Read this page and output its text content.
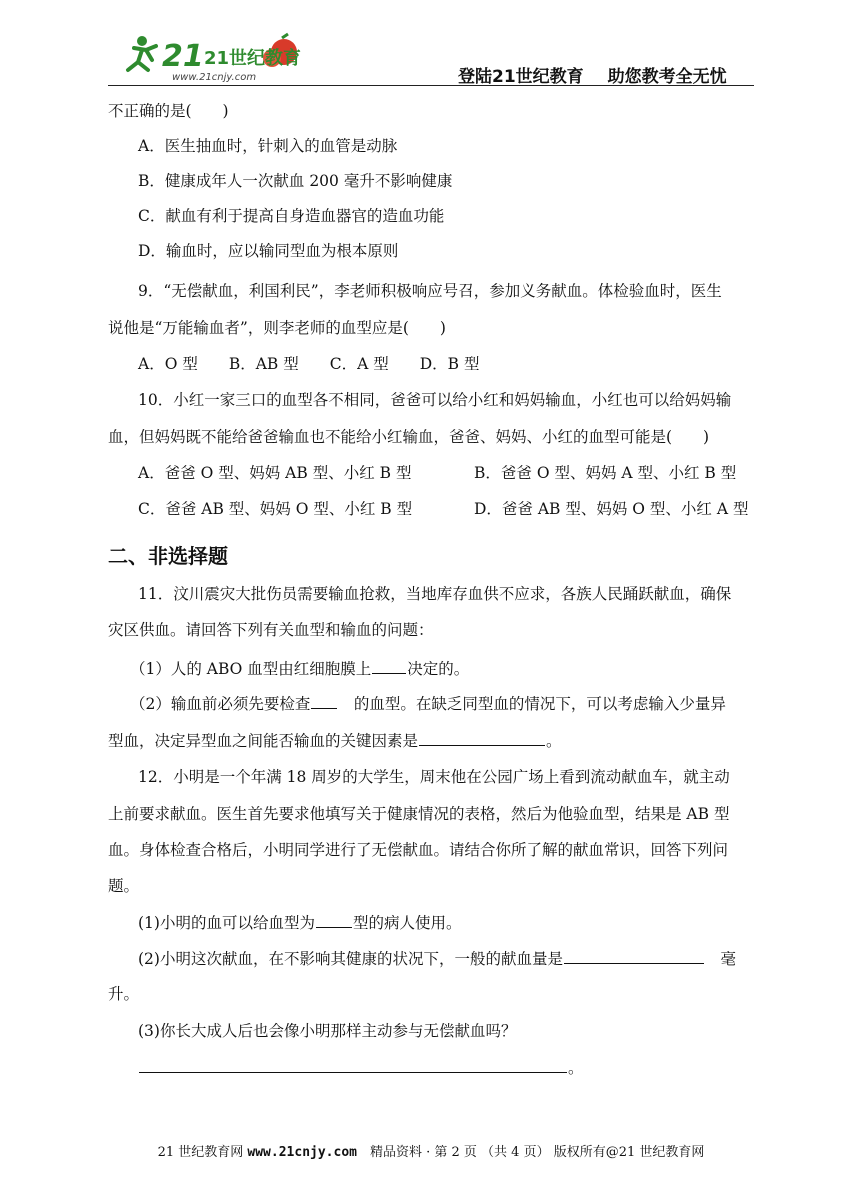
21
www.21cnjy.com
21世纪教育
登陆21世纪教育 助您教考全无忧
不正确的是(　　)
A．医生抽血时，针刺入的血管是动脉
B．健康成年人一次献血 200 毫升不影响健康
C．献血有利于提高自身造血器官的造血功能
D．输血时，应以输同型血为根本原则
9．“无偿献血，利国利民”，李老师积极响应号召，参加义务献血。体检验血时，医生
说他是“万能输血者”，则李老师的血型应是(　　)
A．O 型　　B．AB 型　　C．A 型　　D．B 型
10．小红一家三口的血型各不相同，爸爸可以给小红和妈妈输血，小红也可以给妈妈输
血，但妈妈既不能给爸爸输血也不能给小红输血，爸爸、妈妈、小红的血型可能是(　　)
A．爸爸 O 型、妈妈 AB 型、小红 B 型	B．爸爸 O 型、妈妈 A 型、小红 B 型
C．爸爸 AB 型、妈妈 O 型、小红 B 型	D．爸爸 AB 型、妈妈 O 型、小红 A 型
二、非选择题
11．汶川震灾大批伤员需要输血抢救，当地库存血供不应求，各族人民踊跃献血，确保
灾区供血。请回答下列有关血型和输血的问题：
（1）人的 ABO 血型由红细胞膜上 决定的。
（2）输血前必须先要检查　	的血型。在缺乏同型血的情况下，可以考虑输入少量异
型血，决定异型血之间能否输血的关键因素是	。
12．小明是一个年满 18 周岁的大学生，周末他在公园广场上看到流动献血车，就主动
上前要求献血。医生首先要求他填写关于健康情况的表格，然后为他验血型，结果是 AB 型
血。身体检查合格后，小明同学进行了无偿献血。请结合你所了解的献血常识，回答下列问
题。
(1)小明的血可以给血型为 型的病人使用。
(2)小明这次献血，在不影响其健康的状况下，一般的献血量是 	毫
升。
(3)你长大成人后也会像小明那样主动参与无偿献血吗？
。
21 世纪教育网 www.21cnjy.com　精品资料 · 第 2 页 （共 4 页） 版权所有@21 世纪教育网
